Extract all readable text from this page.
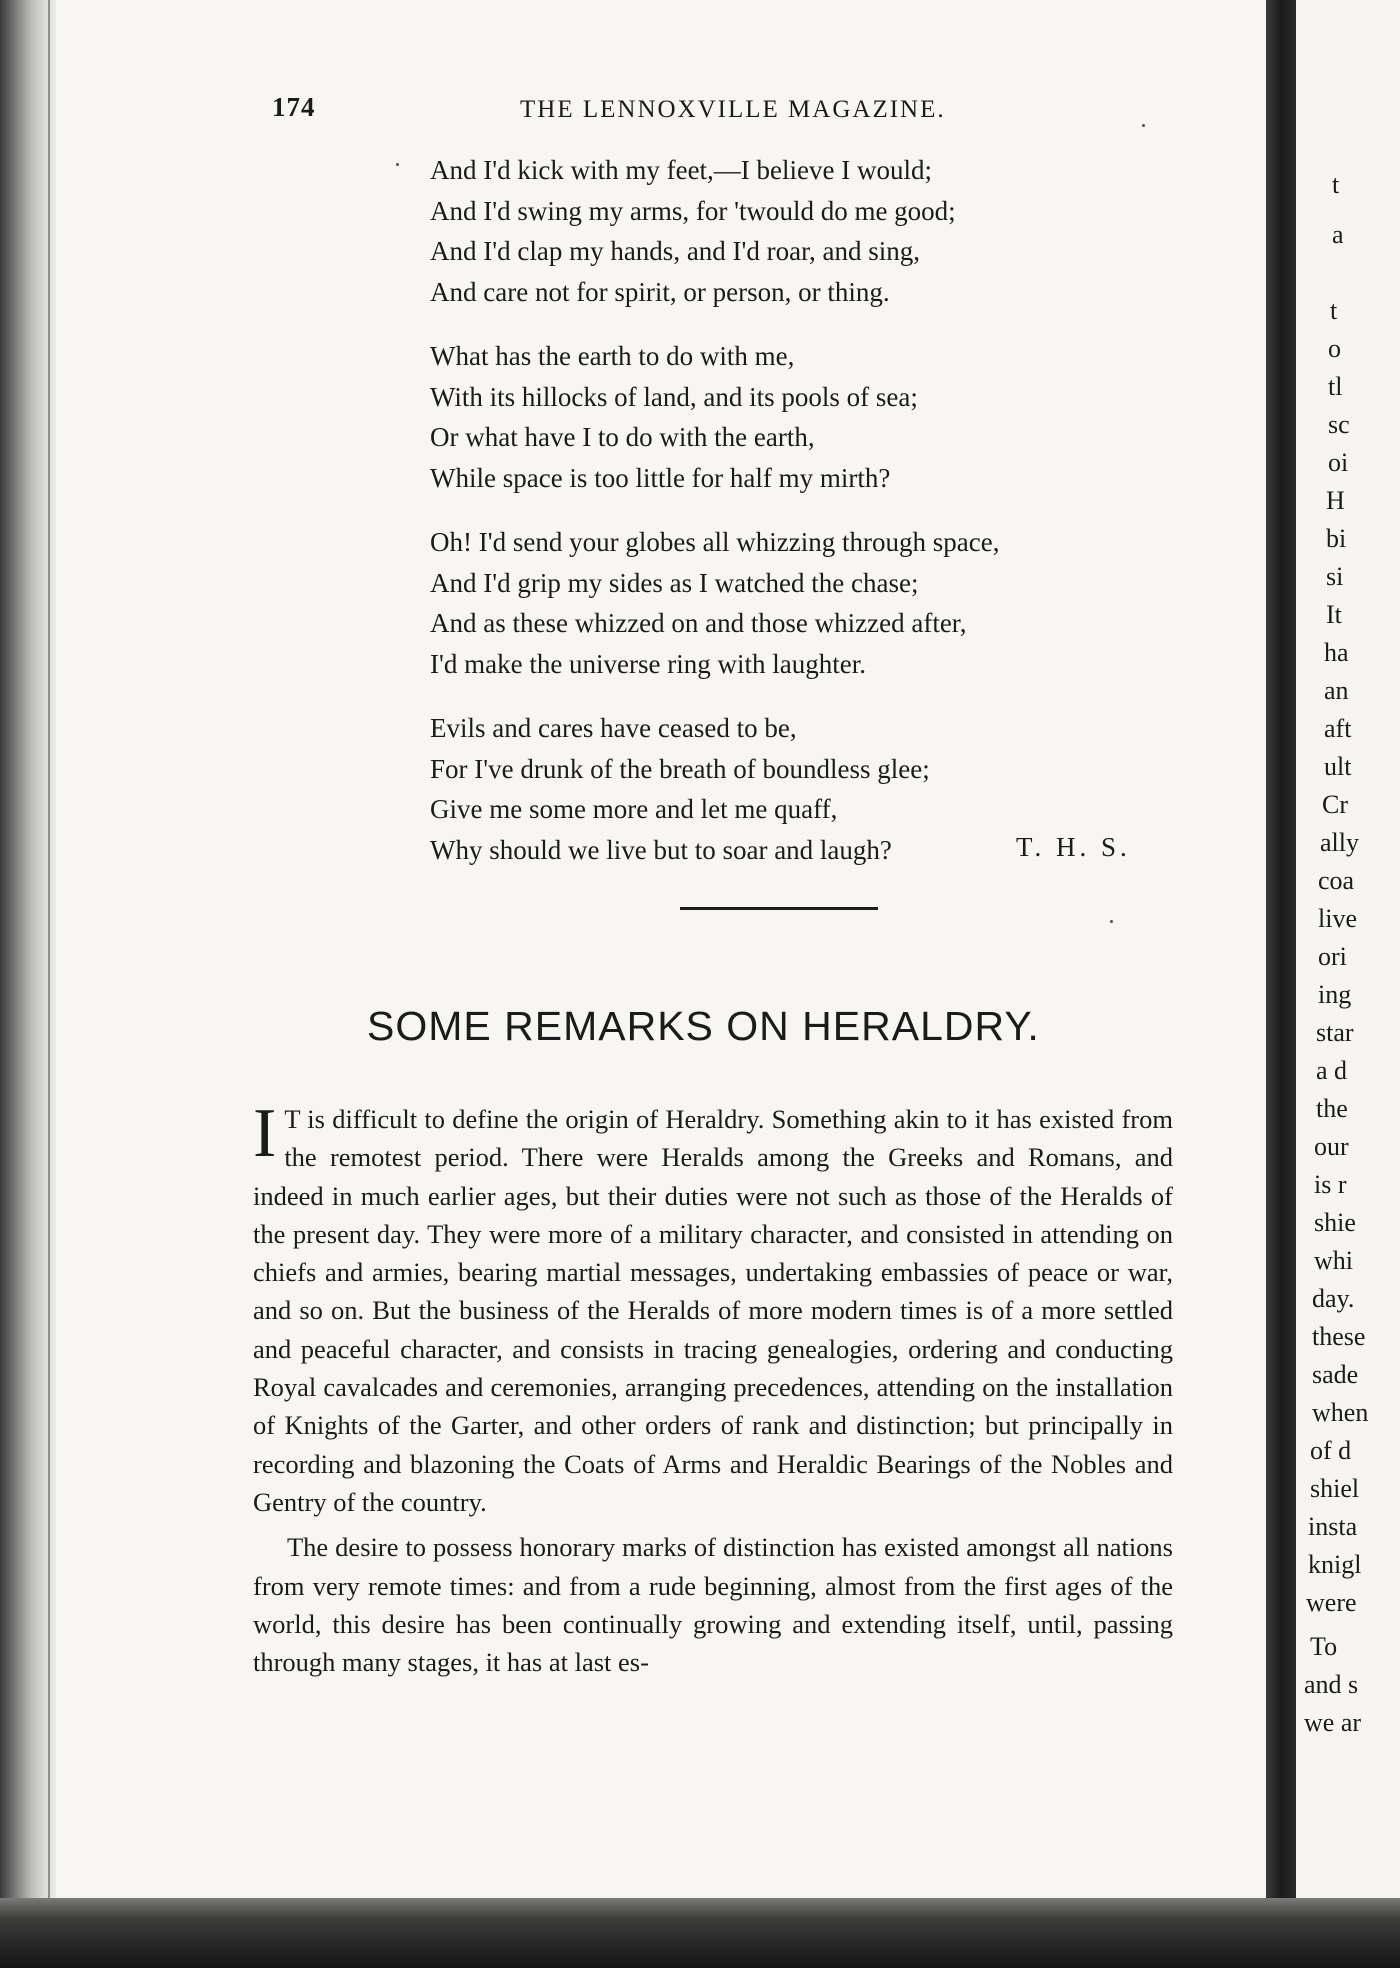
t
a
t
o
tl
sc
oi
H
bi
si
It
ha
an
aft
ult
Cr
ally
coa
live
ori
ing
star
a d
the
our
is r
shie
whi
day.
these
sade
when
of d
shiel
insta
knigl
were
To
and s
we ar
174	THE LENNOXVILLE MAGAZINE.
And I'd kick with my feet,—I believe I would;
And I'd swing my arms, for 'twould do me good;
And I'd clap my hands, and I'd roar, and sing,
And care not for spirit, or person, or thing.
What has the earth to do with me,
With its hillocks of land, and its pools of sea;
Or what have I to do with the earth,
While space is too little for half my mirth?
Oh! I'd send your globes all whizzing through space,
And I'd grip my sides as I watched the chase;
And as these whizzed on and those whizzed after,
I'd make the universe ring with laughter.
Evils and cares have ceased to be,
For I've drunk of the breath of boundless glee;
Give me some more and let me quaff,
Why should we live but to soar and laugh?	T. H. S.
SOME REMARKS ON HERALDRY.

I T is difficult to define the origin of Heraldry. Something akin to it has existed from the remotest period. There were Heralds among the Greeks and Romans, and indeed in much earlier ages, but their duties were not such as those of the Heralds of the present day. They were more of a military character, and consisted in attending on chiefs and armies, bearing martial messages, undertaking embassies of peace or war, and so on. But the business of the Heralds of more modern times is of a more settled and peaceful character, and consists in tracing genealogies, ordering and conducting Royal cavalcades and ceremonies, arranging precedences, attending on the installation of Knights of the Garter, and other orders of rank and distinction; but principally in recording and blazoning the Coats of Arms and Heraldic Bearings of the Nobles and Gentry of the country.

The desire to possess honorary marks of distinction has existed amongst all nations from very remote times: and from a rude beginning, almost from the first ages of the world, this desire has been continually growing and extending itself, until, passing through many stages, it has at last es-
